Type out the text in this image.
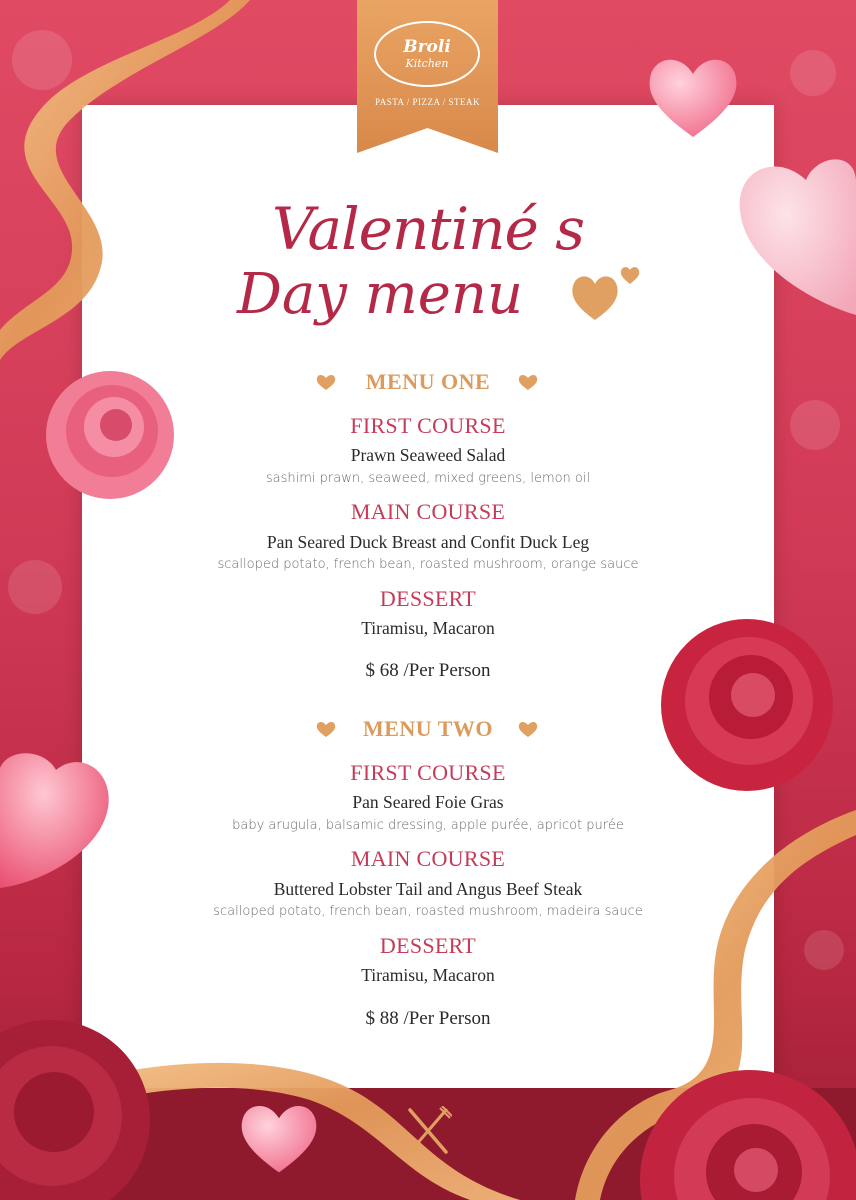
Broli
Kitchen
PASTA / PIZZA / STEAK
Valentiné s
Day menu
MENU ONE
FIRST COURSE
Prawn Seaweed Salad
sashimi prawn, seaweed, mixed greens, lemon oil
MAIN COURSE
Pan Seared Duck Breast and Confit Duck Leg
scalloped potato, french bean, roasted mushroom, orange sauce
DESSERT
Tiramisu, Macaron
$ 68 /Per Person
MENU TWO
FIRST COURSE
Pan Seared Foie Gras
baby arugula, balsamic dressing, apple purée, apricot purée
MAIN COURSE
Buttered Lobster Tail and Angus Beef Steak
scalloped potato, french bean, roasted mushroom, madeira sauce
DESSERT
Tiramisu, Macaron
$ 88 /Per Person
